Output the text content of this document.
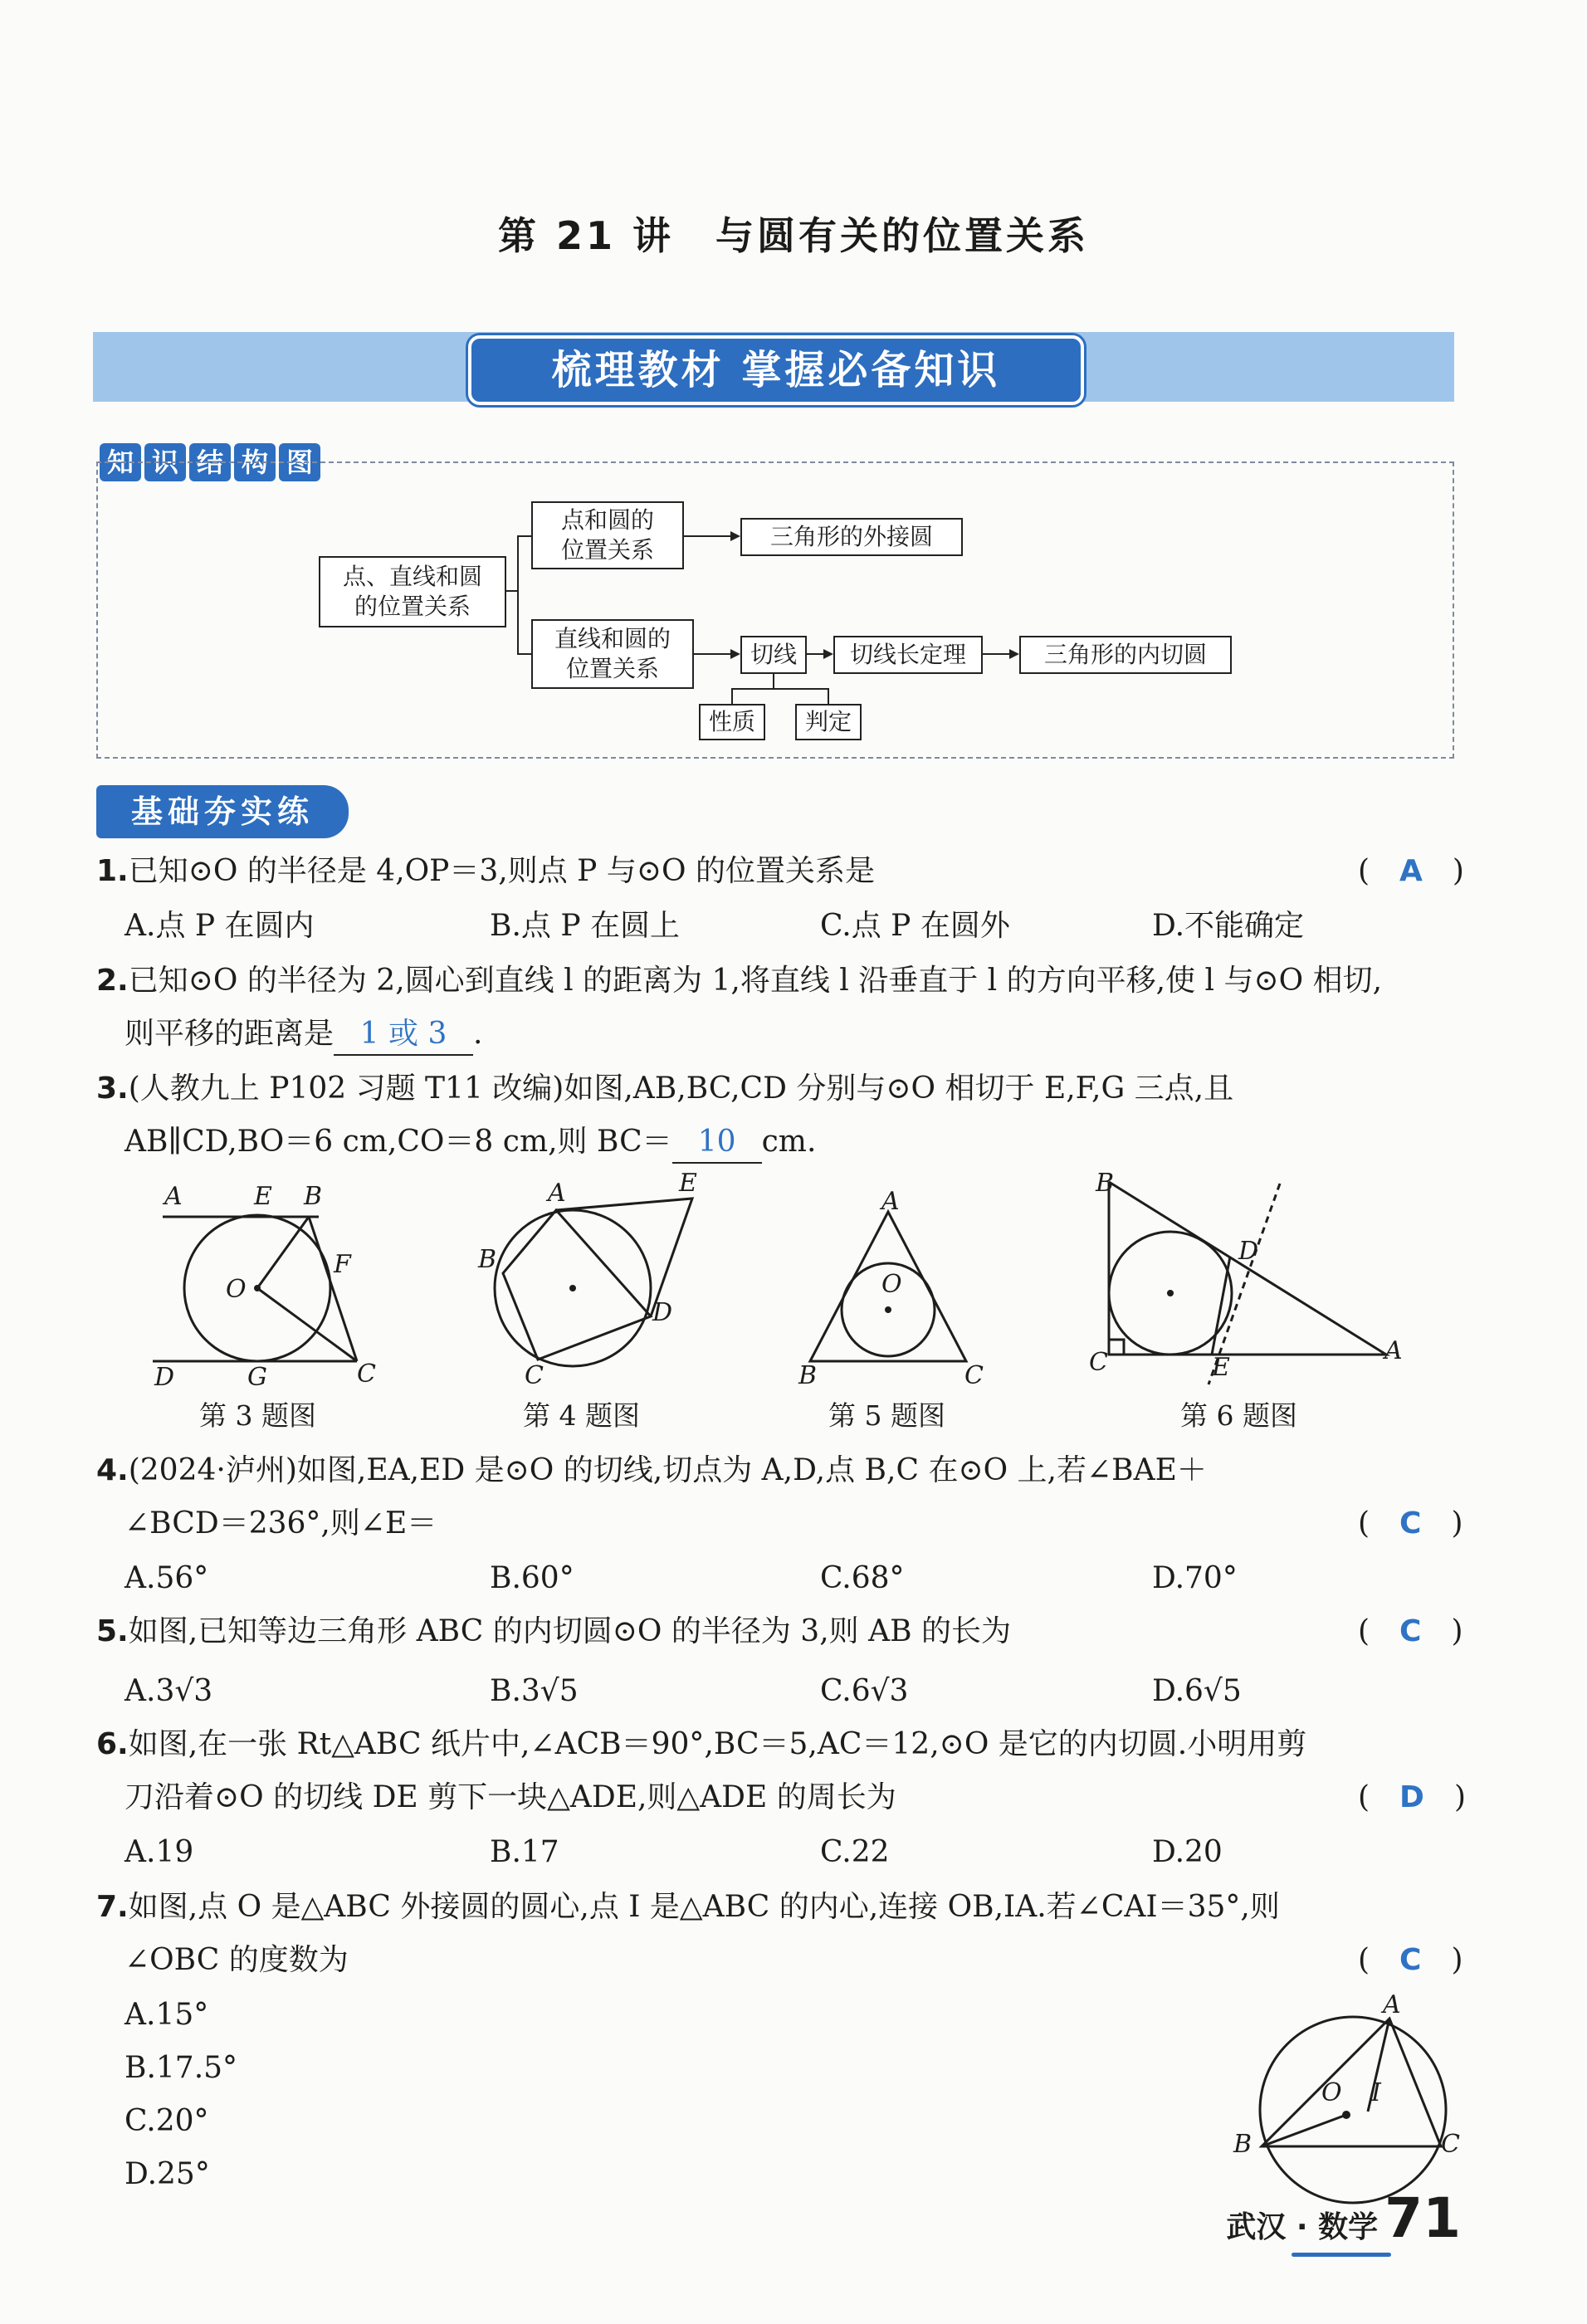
第 21 讲　与圆有关的位置关系
梳理教材 掌握必备知识
知 识 结 构 图
点、直线和圆
的位置关系
点和圆的
位置关系	三角形的外接圆
直线和圆的
位置关系
切线	切线长定理	三角形的内切圆
性质	判定
基础夯实练
1.已知⊙O 的半径是 4,OP＝3,则点 P 与⊙O 的位置关系是	(　A　)
A.点 P 在圆内	B.点 P 在圆上	C.点 P 在圆外	D.不能确定
2.已知⊙O 的半径为 2,圆心到直线 l 的距离为 1,将直线 l 沿垂直于 l 的方向平移,使 l 与⊙O 相切,
则平移的距离是 1 或 3 .
3.(人教九上 P102 习题 T11 改编)如图,AB,BC,CD 分别与⊙O 相切于 E,F,G 三点,且
AB∥CD,BO＝6 cm,CO＝8 cm,则 BC＝ 10 cm.
A	E B
F
O
D	G	C
A	E
B
D
C
A
O
B	C
B
D
C	E
A
第 3 题图	第 4 题图	第 5 题图	第 6 题图
4.(2024·泸州)如图,EA,ED 是⊙O 的切线,切点为 A,D,点 B,C 在⊙O 上,若∠BAE＋
∠BCD＝236°,则∠E＝	(　C　)
A.56°	B.60°	C.68°	D.70°
5.如图,已知等边三角形 ABC 的内切圆⊙O 的半径为 3,则 AB 的长为	(　C　)
A.3√3	B.3√5	C.6√3	D.6√5
6.如图,在一张 Rt△ABC 纸片中,∠ACB＝90°,BC＝5,AC＝12,⊙O 是它的内切圆.小明用剪
刀沿着⊙O 的切线 DE 剪下一块△ADE,则△ADE 的周长为	(　D　)
A.19	B.17	C.22	D.20
7.如图,点 O 是△ABC 外接圆的圆心,点 I 是△ABC 的内心,连接 OB,IA.若∠CAI＝35°,则
∠OBC 的度数为	(　C　)
A.15°
B.17.5°
C.20°
D.25°
A
O I
B	C
武汉 · 数学 71
